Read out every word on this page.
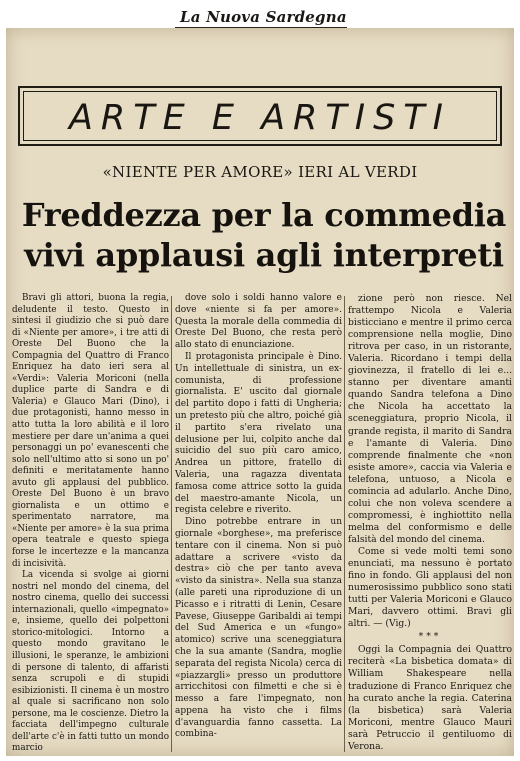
La Nuova Sardegna
ARTE E ARTISTI
«NIENTE PER AMORE» IERI AL VERDI
Freddezza per la commedia
vivi applausi agli interpreti

Bravi gli attori, buona la regia, deludente il testo. Questo in sintesi il giudizio che si può dare di «Niente per amore», i tre atti di Oreste Del Buono che la Compagnia del Quattro di Franco Enriquez ha dato ieri sera al «Verdi»: Valeria Moriconi (nella duplice parte di Sandra e di Valeria) e Glauco Mari (Dino), i due protagonisti, hanno messo in atto tutta la loro abilità e il loro mestiere per dare un'anima a quei personaggi un po' evanescenti che solo nell'ultimo atto si sono un po' definiti e meritatamente hanno avuto gli applausi del pubblico. Oreste Del Buono è un bravo giornalista e un ottimo e sperimentato narratore, ma «Niente per amore» è la sua prima opera teatrale e questo spiega forse le incertezze e la mancanza di incisività.

La vicenda si svolge ai giorni nostri nel mondo del cinema, del nostro cinema, quello dei successi internazionali, quello «impegnato» e, insieme, quello dei polpettoni storico-mitologici. Intorno a questo mondo gravitano le illusioni, le speranze, le ambizioni di persone di talento, di affaristi senza scrupoli e di stupidi esibizionisti. Il cinema è un mostro al quale si sacrificano non solo persone, ma le coscienze. Dietro la facciata dell'impegno culturale dell'arte c'è in fatti tutto un mondo marcio

dove solo i soldi hanno valore e dove «niente si fa per amore». Questa la morale della commedia di Oreste Del Buono, che resta però allo stato di enunciazione.

Il protagonista principale è Dino. Un intellettuale di sinistra, un ex-comunista, di professione giornalista. E' uscito dal giornale del partito dopo i fatti di Ungheria; un pretesto più che altro, poiché già il partito s'era rivelato una delusione per lui, colpito anche dal suicidio del suo più caro amico, Andrea un pittore, fratello di Valeria, una ragazza diventata famosa come attrice sotto la guida del maestro-amante Nicola, un regista celebre e riverito.

Dino potrebbe entrare in un giornale «borghese», ma preferisce tentare con il cinema. Non si può adattare a scrivere «visto da destra» ciò che per tanto aveva «visto da sinistra». Nella sua stanza (alle pareti una riproduzione di un Picasso e i ritratti di Lenin, Cesare Pavese, Giuseppe Garibaldi ai tempi del Sud America e un «fungo» atomico) scrive una sceneggiatura che la sua amante (Sandra, moglie separata del regista Nicola) cerca di «piazzargli» presso un produttore arricchitosi con filmetti e che si è messo a fare l'impegnato, non appena ha visto che i films d'avanguardia fanno cassetta. La combina-

zione però non riesce. Nel frattempo Nicola e Valeria bisticciano e mentre il primo cerca comprensione nella moglie, Dino ritrova per caso, in un ristorante, Valeria. Ricordano i tempi della giovinezza, il fratello di lei e... stanno per diventare amanti quando Sandra telefona a Dino che Nicola ha accettato la sceneggiatura, proprio Nicola, il grande regista, il marito di Sandra e l'amante di Valeria. Dino comprende finalmente che «non esiste amore», caccia via Valeria e telefona, untuoso, a Nicola e comincia ad adularlo. Anche Dino, colui che non voleva scendere a compromessi, è inghiottito nella melma del conformismo e delle falsità del mondo del cinema.

Come si vede molti temi sono enunciati, ma nessuno è portato fino in fondo. Gli applausi del non numerosissimo pubblico sono stati tutti per Valeria Moriconi e Glauco Mari, davvero ottimi. Bravi gli altri. — (Vig.)

***

Oggi la Compagnia dei Quattro reciterà «La bisbetica domata» di William Shakespeare nella traduzione di Franco Enriquez che ha curato anche la regia. Caterina (la bisbetica) sarà Valeria Moriconi, mentre Glauco Mauri sarà Petruccio il gentiluomo di Verona.
